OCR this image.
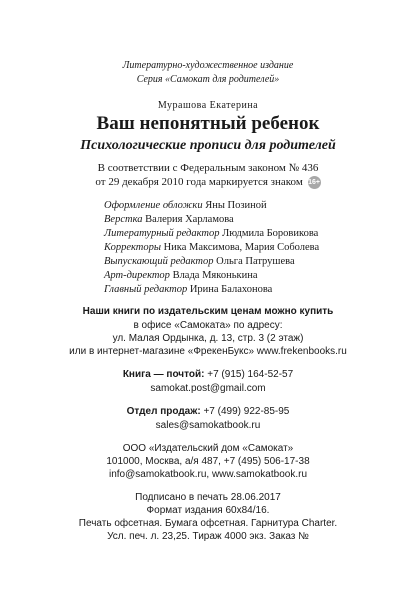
Литературно-художественное издание
Серия «Самокат для родителей»
Мурашова Екатерина
Ваш непонятный ребенок
Психологические прописи для родителей
В соответствии с Федеральным законом № 436
от 29 декабря 2010 года маркируется знаком 16+
Оформление обложки Яны Позиной
Верстка Валерия Харламова
Литературный редактор Людмила Боровикова
Корректоры Ника Максимова, Мария Соболева
Выпускающий редактор Ольга Патрушева
Арт-директор Влада Мяконькина
Главный редактор Ирина Балахонова
Наши книги по издательским ценам можно купить
в офисе «Самоката» по адресу:
ул. Малая Ордынка, д. 13, стр. 3 (2 этаж)
или в интернет-магазине «ФрекенБукс» www.frekenbooks.ru
Книга — почтой: +7 (915) 164-52-57
samokat.post@gmail.com
Отдел продаж: +7 (499) 922-85-95
sales@samokatbook.ru
ООО «Издательский дом «Самокат»
101000, Москва, а/я 487, +7 (495) 506-17-38
info@samokatbook.ru, www.samokatbook.ru
Подписано в печать 28.06.2017
Формат издания 60x84/16.
Печать офсетная. Бумага офсетная. Гарнитура Charter.
Усл. печ. л. 23,25. Тираж 4000 экз. Заказ №
